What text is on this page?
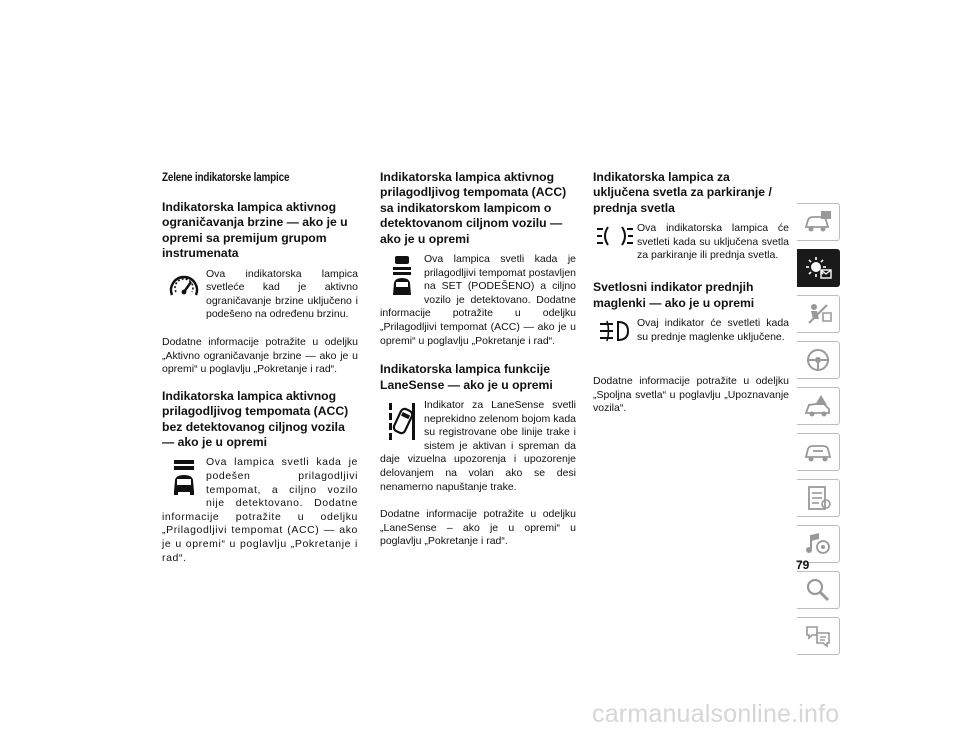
Zelene indikatorske lampice
Indikatorska lampica aktivnog ograničavanja brzine — ako je u opremi sa premijum grupom instrumenata

Ova indikatorska lampica svetleće kad je aktivno ograničavanje brzine uključeno i podešeno na određenu brzinu.

Dodatne informacije potražite u odeljku „Aktivno ograničavanje brzine — ako je u opremi“ u poglavlju „Pokretanje i rad“.

Indikatorska lampica aktivnog prilagodljivog tempomata (ACC) bez detektovanog ciljnog vozila — ako je u opremi

Ova lampica svetli kada je podešen prilagodljivi tempomat, a ciljno vozilo nije detektovano. Dodatne informacije potražite u odeljku „Prilagodljivi tempomat (ACC) — ako je u opremi“ u poglavlju „Pokretanje i rad“.

Indikatorska lampica aktivnog prilagodljivog tempomata (ACC) sa indikatorskom lampicom o detektovanom ciljnom vozilu — ako je u opremi

Ova lampica svetli kada je prilagodljivi tempomat postavljen na SET (PODEŠENO) a ciljno vozilo je detektovano. Dodatne informacije potražite u odeljku „Prilagodljivi tempomat (ACC) — ako je u opremi“ u poglavlju „Pokretanje i rad“.

Indikatorska lampica funkcije LaneSense — ako je u opremi

Indikator za LaneSense svetli neprekidno zelenom bojom kada su registrovane obe linije trake i sistem je aktivan i spreman da daje vizuelna upozorenja i upozorenje delovanjem na volan ako se desi nenamerno napuštanje trake.

Dodatne informacije potražite u odeljku „LaneSense – ako je u opremi“ u poglavlju „Pokretanje i rad“.

Indikatorska lampica za uključena svetla za parkiranje / prednja svetla

Ova indikatorska lampica će svetleti kada su uključena svetla za parkiranje ili prednja svetla.

Svetlosni indikator prednjih maglenki — ako je u opremi

Ovaj indikator će svetleti kada su prednje maglenke uključene.

Dodatne informacije potražite u odeljku „Spoljna svetla“ u poglavlju „Upoznavanje vozila“.

79
carmanualsonline.info
